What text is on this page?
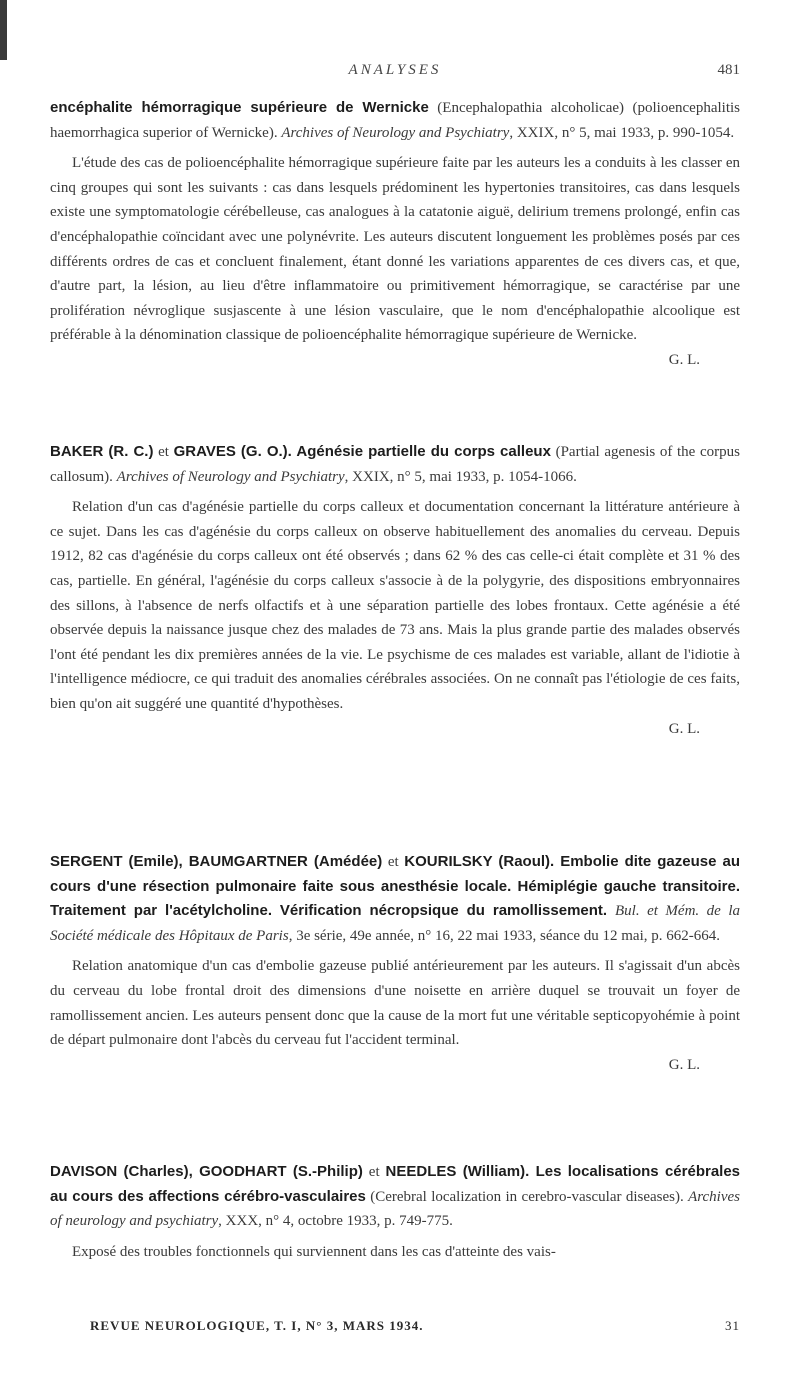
ANALYSES	481

encéphalite hémorragique supérieure de Wernicke (Encephalopathia alcoholicae) (polioencephalitis haemorrhagica superior of Wernicke). Archives of Neurology and Psychiatry, XXIX, n° 5, mai 1933, p. 990-1054.

L'étude des cas de polioencéphalite hémorragique supérieure faite par les auteurs les a conduits à les classer en cinq groupes qui sont les suivants : cas dans lesquels prédominent les hypertonies transitoires, cas dans lesquels existe une symptomatologie cérébelleuse, cas analogues à la catatonie aiguë, delirium tremens prolongé, enfin cas d'encéphalopathie coïncidant avec une polynévrite. Les auteurs discutent longuement les problèmes posés par ces différents ordres de cas et concluent finalement, étant donné les variations apparentes de ces divers cas, et que, d'autre part, la lésion, au lieu d'être inflammatoire ou primitivement hémorragique, se caractérise par une prolifération névroglique susjascente à une lésion vasculaire, que le nom d'encéphalopathie alcoolique est préférable à la dénomination classique de polioencéphalite hémorragique supérieure de Wernicke.

G. L.

BAKER (R. C.) et GRAVES (G. O.). Agénésie partielle du corps calleux (Partial agenesis of the corpus callosum). Archives of Neurology and Psychiatry, XXIX, n° 5, mai 1933, p. 1054-1066.

Relation d'un cas d'agénésie partielle du corps calleux et documentation concernant la littérature antérieure à ce sujet. Dans les cas d'agénésie du corps calleux on observe habituellement des anomalies du cerveau. Depuis 1912, 82 cas d'agénésie du corps calleux ont été observés ; dans 62 % des cas celle-ci était complète et 31 % des cas, partielle. En général, l'agénésie du corps calleux s'associe à de la polygyrie, des dispositions embryonnaires des sillons, à l'absence de nerfs olfactifs et à une séparation partielle des lobes frontaux. Cette agénésie a été observée depuis la naissance jusque chez des malades de 73 ans. Mais la plus grande partie des malades observés l'ont été pendant les dix premières années de la vie. Le psychisme de ces malades est variable, allant de l'idiotie à l'intelligence médiocre, ce qui traduit des anomalies cérébrales associées. On ne connaît pas l'étiologie de ces faits, bien qu'on ait suggéré une quantité d'hypothèses.

G. L.

SERGENT (Emile), BAUMGARTNER (Amédée) et KOURILSKY (Raoul). Embolie dite gazeuse au cours d'une résection pulmonaire faite sous anesthésie locale. Hémiplégie gauche transitoire. Traitement par l'acétylcholine. Vérification nécropsique du ramollissement. Bul. et Mém. de la Société médicale des Hôpitaux de Paris, 3e série, 49e année, n° 16, 22 mai 1933, séance du 12 mai, p. 662-664.

Relation anatomique d'un cas d'embolie gazeuse publié antérieurement par les auteurs. Il s'agissait d'un abcès du cerveau du lobe frontal droit des dimensions d'une noisette en arrière duquel se trouvait un foyer de ramollissement ancien. Les auteurs pensent donc que la cause de la mort fut une véritable septicopyohémie à point de départ pulmonaire dont l'abcès du cerveau fut l'accident terminal.

G. L.

DAVISON (Charles), GOODHART (S.-Philip) et NEEDLES (William). Les localisations cérébrales au cours des affections cérébro-vasculaires (Cerebral localization in cerebro-vascular diseases). Archives of neurology and psychiatry, XXX, n° 4, octobre 1933, p. 749-775.

Exposé des troubles fonctionnels qui surviennent dans les cas d'atteinte des vais-

REVUE NEUROLOGIQUE, T. I, N° 3, MARS 1934.	31
